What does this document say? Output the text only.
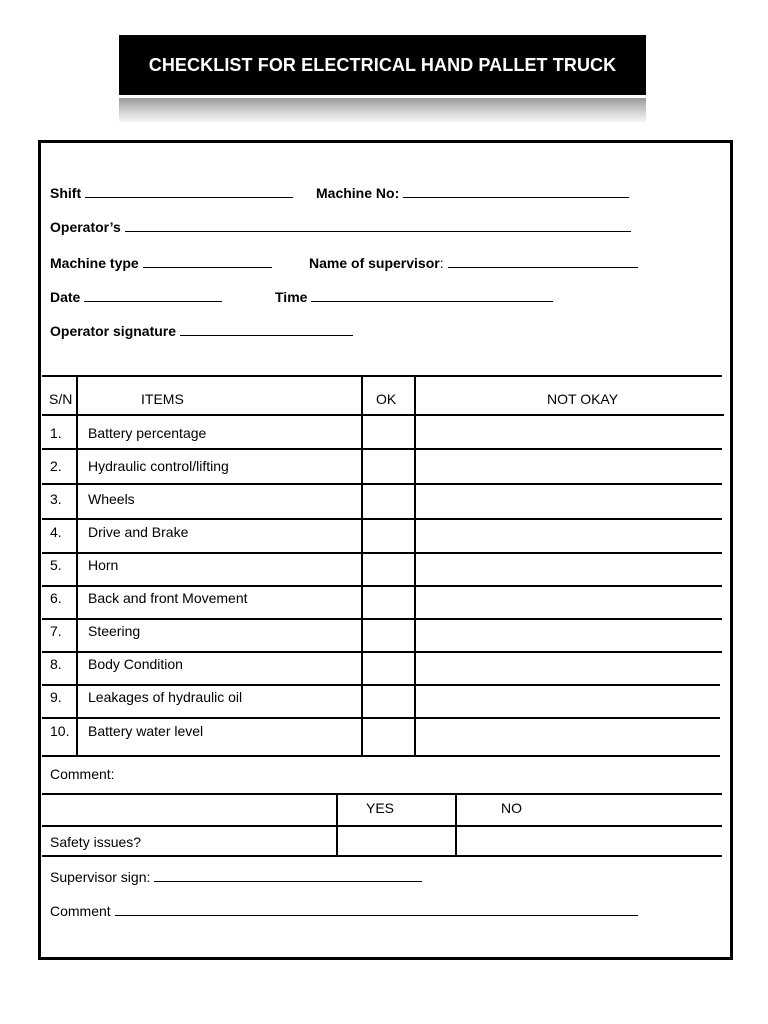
CHECKLIST FOR ELECTRICAL HAND PALLET TRUCK
Shift	Machine No:
Operator’s
Machine type	Name of supervisor:
Date	Time
Operator signature
S/N	ITEMS	OK	NOT OKAY
1. Battery percentage
2. Hydraulic control/lifting
3. Wheels
4. Drive and Brake
5. Horn
6. Back and front Movement
7. Steering
8. Body Condition
9. Leakages of hydraulic oil
10. Battery water level
Comment:
YES	NO
Safety issues?
Supervisor sign:
Comment
